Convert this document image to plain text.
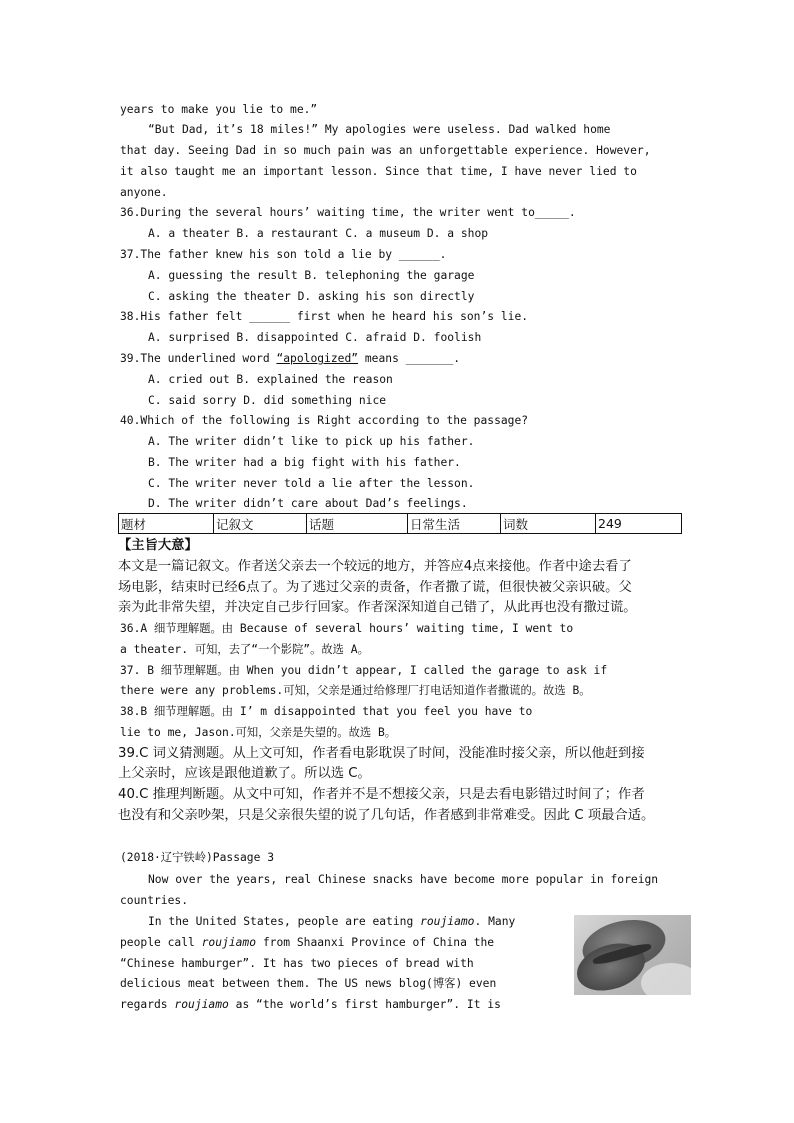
years to make you lie to me.”
“But Dad, it’s 18 miles!” My apologies were useless. Dad walked home
that day. Seeing Dad in so much pain was an unforgettable experience. However,
it also taught me an important lesson. Since that time, I have never lied to
anyone.
36.During the several hours’ waiting time, the writer went to_____.
A. a theater B. a restaurant C. a museum D. a shop
37.The father knew his son told a lie by ______.
A. guessing the result B. telephoning the garage
C. asking the theater D. asking his son directly
38.His father felt ______ first when he heard his son’s lie.
A. surprised B. disappointed C. afraid D. foolish
39.The underlined word “apologized” means _______.
A. cried out B. explained the reason
C. said sorry D. did something nice
40.Which of the following is Right according to the passage?
A. The writer didn’t like to pick up his father.
B. The writer had a big fight with his father.
C. The writer never told a lie after the lesson.
D. The writer didn’t care about Dad’s feelings.
题材	记叙文	话题	日常生活	词数	249
【主旨大意】
本文是一篇记叙文。作者送父亲去一个较远的地方，并答应4点来接他。作者中途去看了
场电影，结束时已经6点了。为了逃过父亲的责备，作者撒了谎，但很快被父亲识破。父
亲为此非常失望，并决定自己步行回家。作者深深知道自己错了，从此再也没有撒过谎。
36.A 细节理解题。由 Because of several hours’ waiting time, I went to
a theater. 可知，去了“一个影院”。故选 A。
37. B 细节理解题。由 When you didn’t appear, I called the garage to ask if
there were any problems.可知，父亲是通过给修理厂打电话知道作者撒谎的。故选 B。
38.B 细节理解题。由 I’ m disappointed that you feel you have to
lie to me, Jason.可知，父亲是失望的。故选 B。
39.C 词义猜测题。从上文可知，作者看电影耽误了时间，没能准时接父亲，所以他赶到接
上父亲时，应该是跟他道歉了。所以选 C。
40.C 推理判断题。从文中可知，作者并不是不想接父亲，只是去看电影错过时间了；作者
也没有和父亲吵架，只是父亲很失望的说了几句话，作者感到非常难受。因此 C 项最合适。
(2018·辽宁铁岭)Passage 3
Now over the years, real Chinese snacks have become more popular in foreign
countries.
In the United States, people are eating roujiamo. Many
people call roujiamo from Shaanxi Province of China the
“Chinese hamburger”. It has two pieces of bread with
delicious meat between them. The US news blog(博客) even
regards roujiamo as “the world’s first hamburger”. It is
